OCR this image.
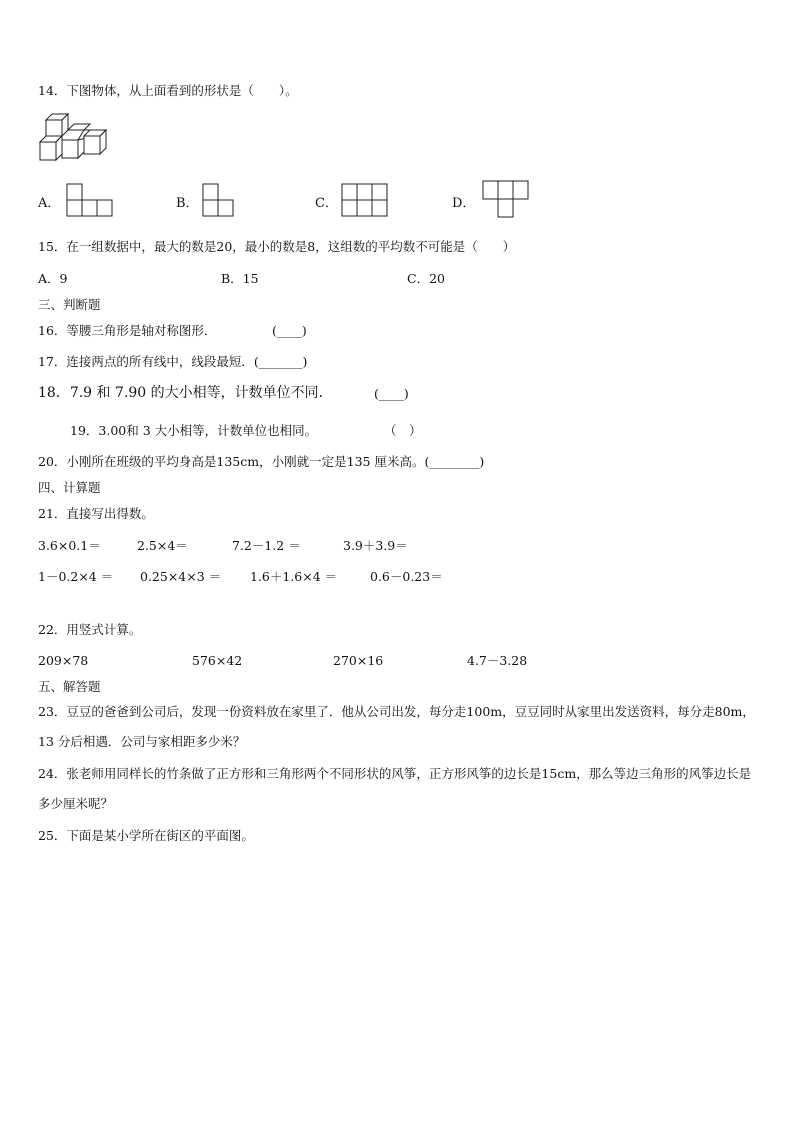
14．下图物体，从上面看到的形状是（　　）。
A．	B．	C．	D．
15．在一组数据中，最大的数是20，最小的数是8，这组数的平均数不可能是（　　）
A．9	B．15	C．20
三、判断题
16．等腰三角形是轴对称图形．	(____)
17．连接两点的所有线中，线段最短．(_______)
18．7.9 和 7.90 的大小相等，计数单位不同．	(____)
19．3.00和 3 大小相等，计数单位也相同。	（　）
20．小刚所在班级的平均身高是135cm，小刚就一定是135 厘米高。(________)
四、计算题
21．直接写出得数。
3.6×0.1＝	2.5×4＝	7.2－1.2 ＝	3.9＋3.9＝
1－0.2×4 ＝ 0.25×4×3 ＝ 1.6＋1.6×4 ＝	0.6－0.23＝
22．用竖式计算。
209×78	576×42	270×16	4.7－3.28
五、解答题
23．豆豆的爸爸到公司后，发现一份资料放在家里了．他从公司出发，每分走100m，豆豆同时从家里出发送资料，每分走80m，13 分后相遇．公司与家相距多少米？
24．张老师用同样长的竹条做了正方形和三角形两个不同形状的风筝，正方形风筝的边长是15cm，那么等边三角形的风筝边长是多少厘米呢？
25．下面是某小学所在街区的平面图。
